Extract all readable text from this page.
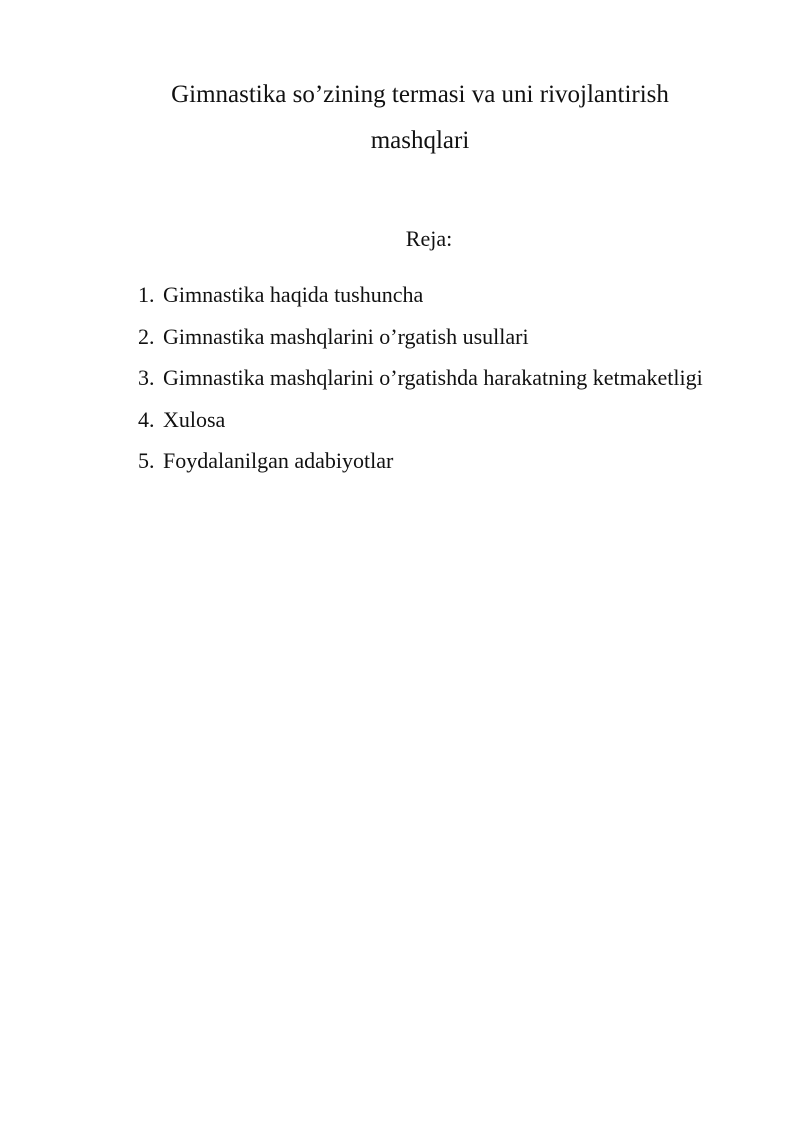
Gimnastika so’zining termasi va uni rivojlantirish mashqlari
Reja:
1. Gimnastika haqida tushuncha
2. Gimnastika mashqlarini o’rgatish usullari
3. Gimnastika mashqlarini o’rgatishda harakatning ketmaketligi
4. Xulosa
5. Foydalanilgan adabiyotlar
